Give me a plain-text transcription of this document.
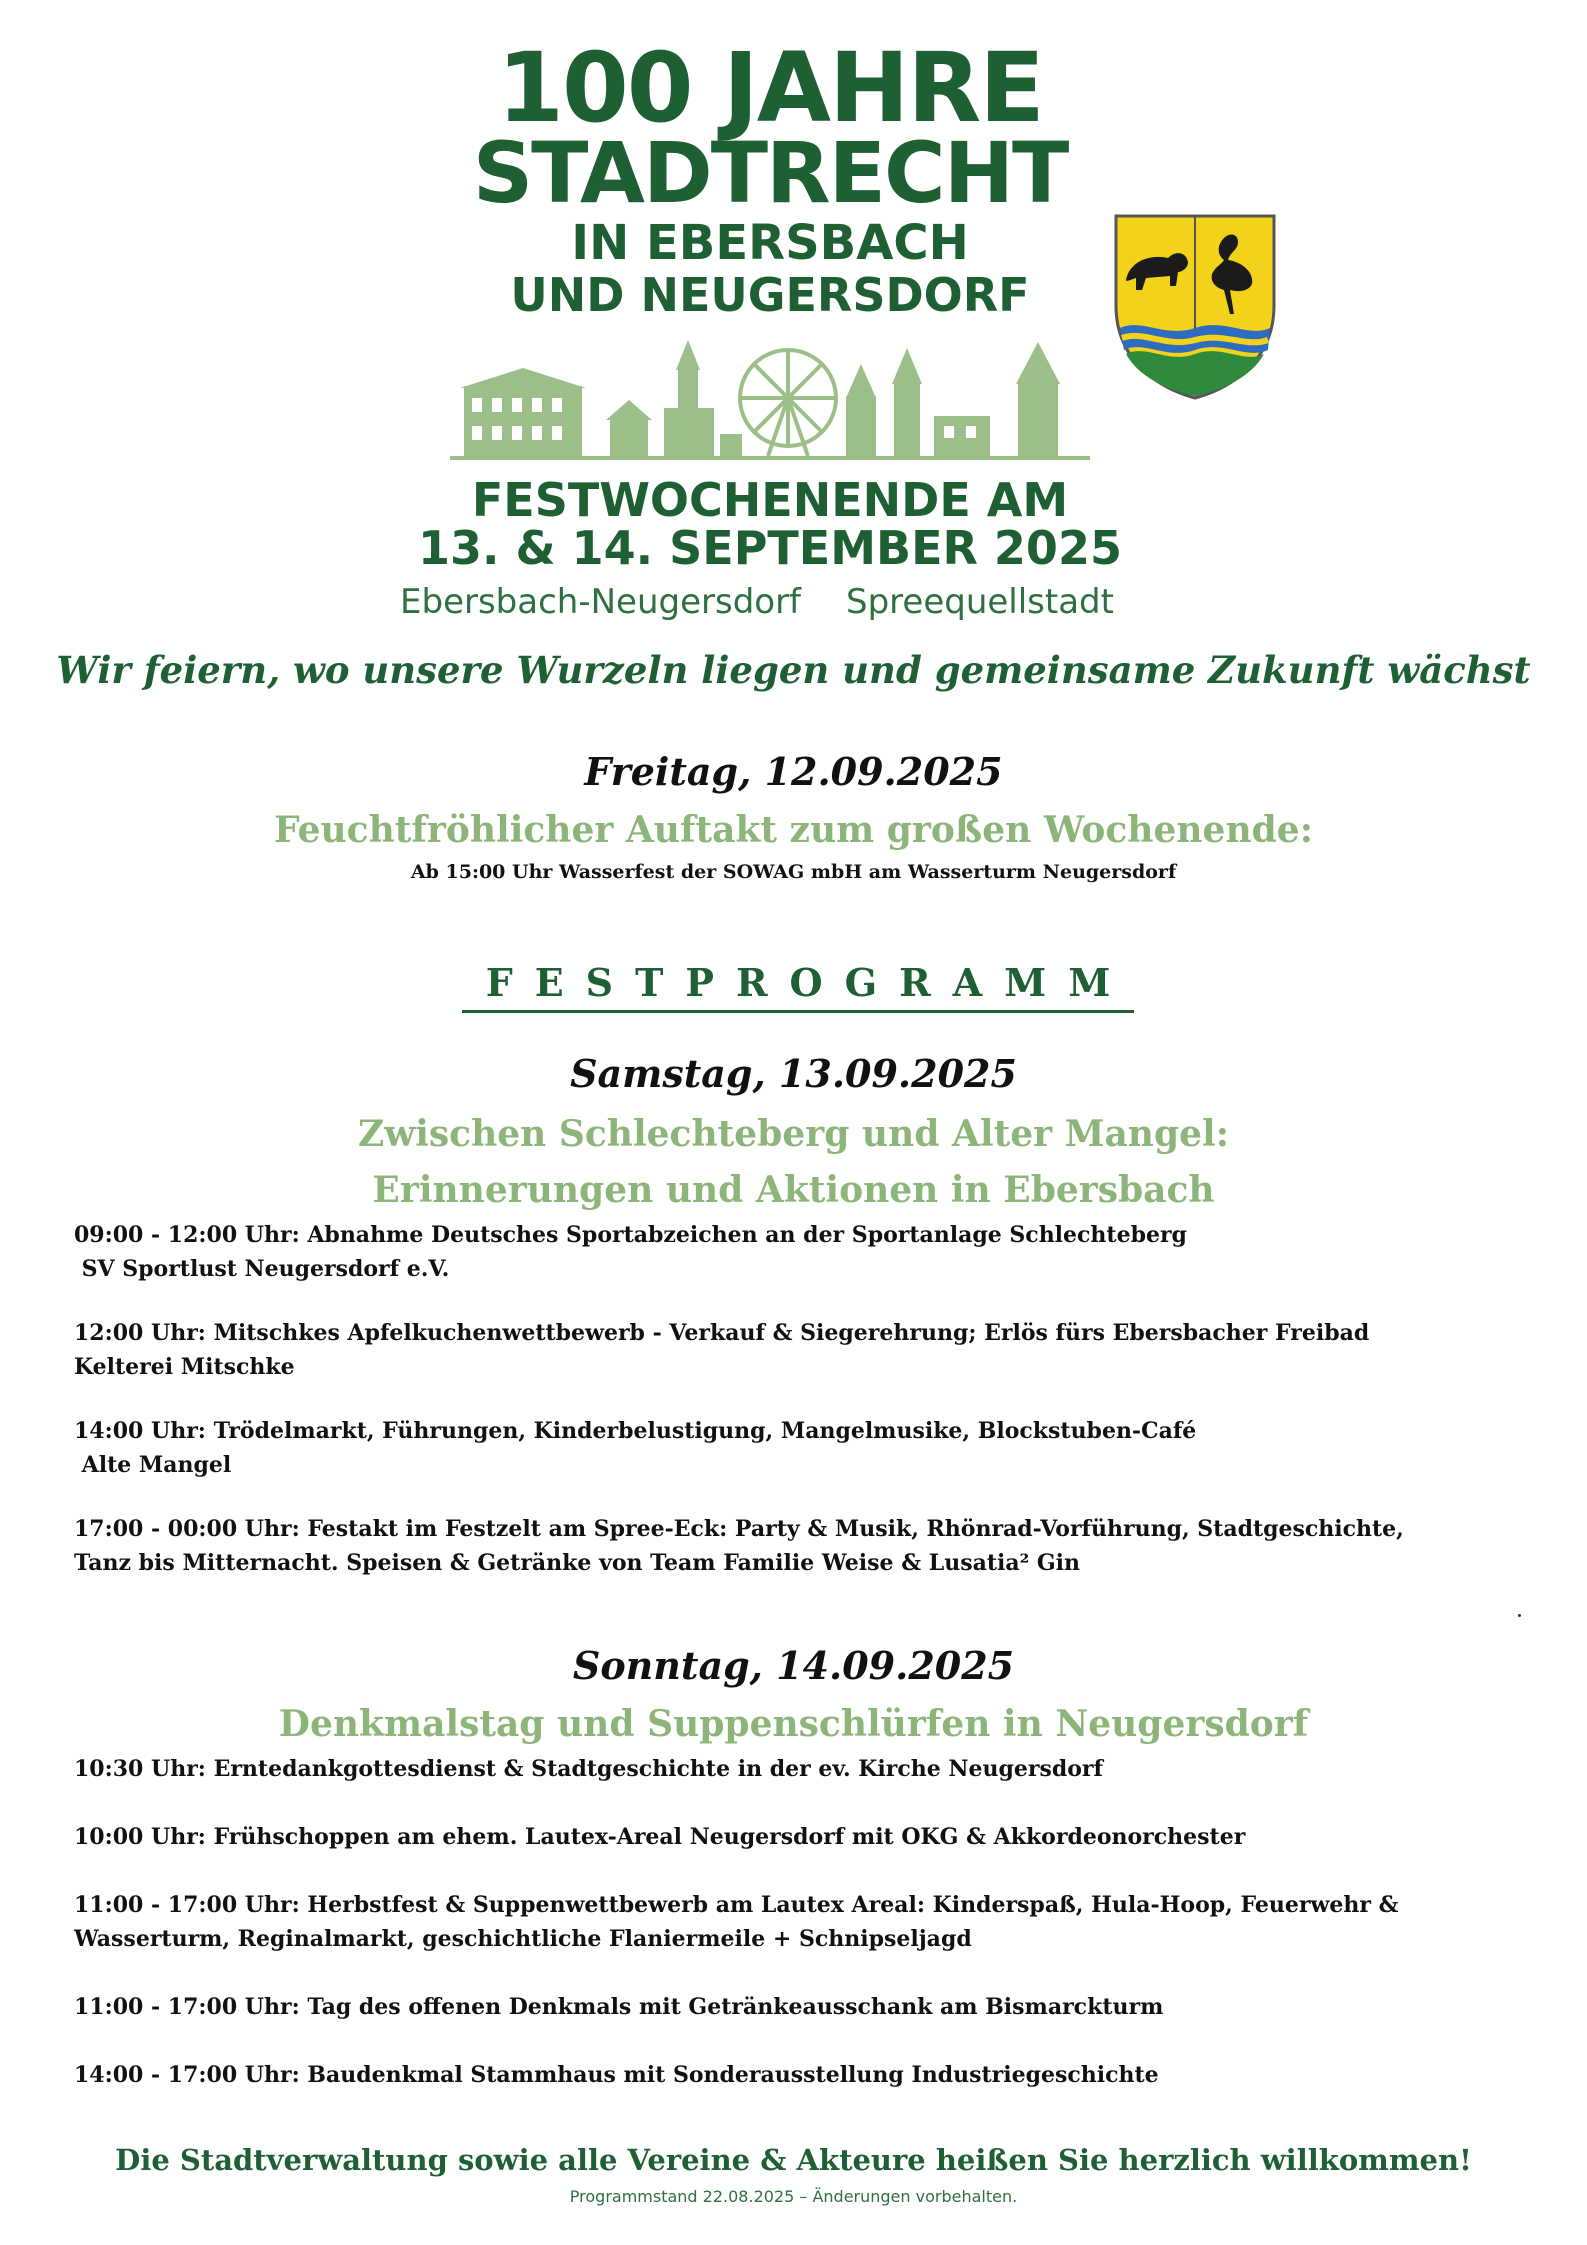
100 JAHRE
STADTRECHT
IN EBERSBACH
UND NEUGERSDORF
FESTWOCHENENDE AM
13. & 14. SEPTEMBER 2025
Ebersbach-Neugersdorf	Spreequellstadt
Wir feiern, wo unsere Wurzeln liegen und gemeinsame Zukunft wächst
Freitag, 12.09.2025
Feuchtfröhlicher Auftakt zum großen Wochenende:
Ab 15:00 Uhr Wasserfest der SOWAG mbH am Wasserturm Neugersdorf
FESTPROGRAMM
Samstag, 13.09.2025
Zwischen Schlechteberg und Alter Mangel:
Erinnerungen und Aktionen in Ebersbach
09:00 - 12:00 Uhr: Abnahme Deutsches Sportabzeichen an der Sportanlage Schlechteberg
SV Sportlust Neugersdorf e.V.
12:00 Uhr: Mitschkes Apfelkuchenwettbewerb - Verkauf & Siegerehrung; Erlös fürs Ebersbacher Freibad
Kelterei Mitschke
14:00 Uhr: Trödelmarkt, Führungen, Kinderbelustigung, Mangelmusike, Blockstuben-Café
Alte Mangel
17:00 - 00:00 Uhr: Festakt im Festzelt am Spree-Eck: Party & Musik, Rhönrad-Vorführung, Stadtgeschichte,
Tanz bis Mitternacht. Speisen & Getränke von Team Familie Weise & Lusatia² Gin
Sonntag, 14.09.2025
Denkmalstag und Suppenschlürfen in Neugersdorf
10:30 Uhr: Erntedankgottesdienst & Stadtgeschichte in der ev. Kirche Neugersdorf
10:00 Uhr: Frühschoppen am ehem. Lautex-Areal Neugersdorf mit OKG & Akkordeonorchester
11:00 - 17:00 Uhr: Herbstfest & Suppenwettbewerb am Lautex Areal: Kinderspaß, Hula-Hoop, Feuerwehr &
Wasserturm, Reginalmarkt, geschichtliche Flaniermeile + Schnipseljagd
11:00 - 17:00 Uhr: Tag des offenen Denkmals mit Getränkeausschank am Bismarckturm
14:00 - 17:00 Uhr: Baudenkmal Stammhaus mit Sonderausstellung Industriegeschichte
Die Stadtverwaltung sowie alle Vereine & Akteure heißen Sie herzlich willkommen!
Programmstand 22.08.2025 – Änderungen vorbehalten.
